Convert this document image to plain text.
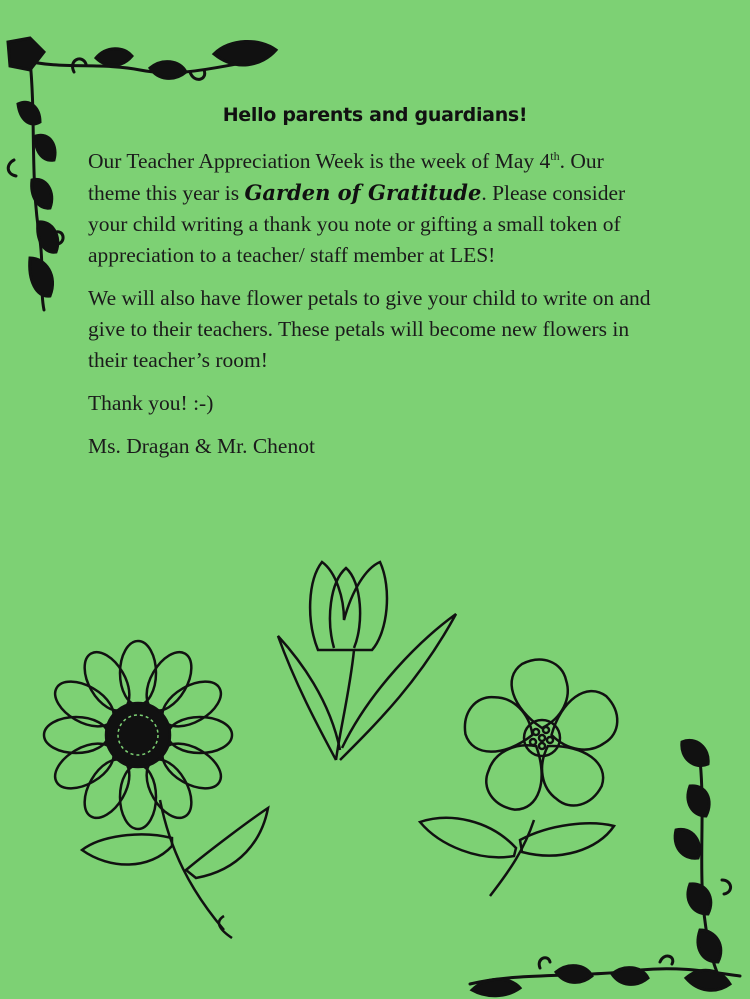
Hello parents and guardians!

Our Teacher Appreciation Week is the week of May 4th. Our theme this year is Garden of Gratitude. Please consider your child writing a thank you note or gifting a small token of appreciation to a teacher/ staff member at LES!

We will also have flower petals to give your child to write on and give to their teachers. These petals will become new flowers in their teacher’s room!

Thank you! :-)

Ms. Dragan & Mr. Chenot
